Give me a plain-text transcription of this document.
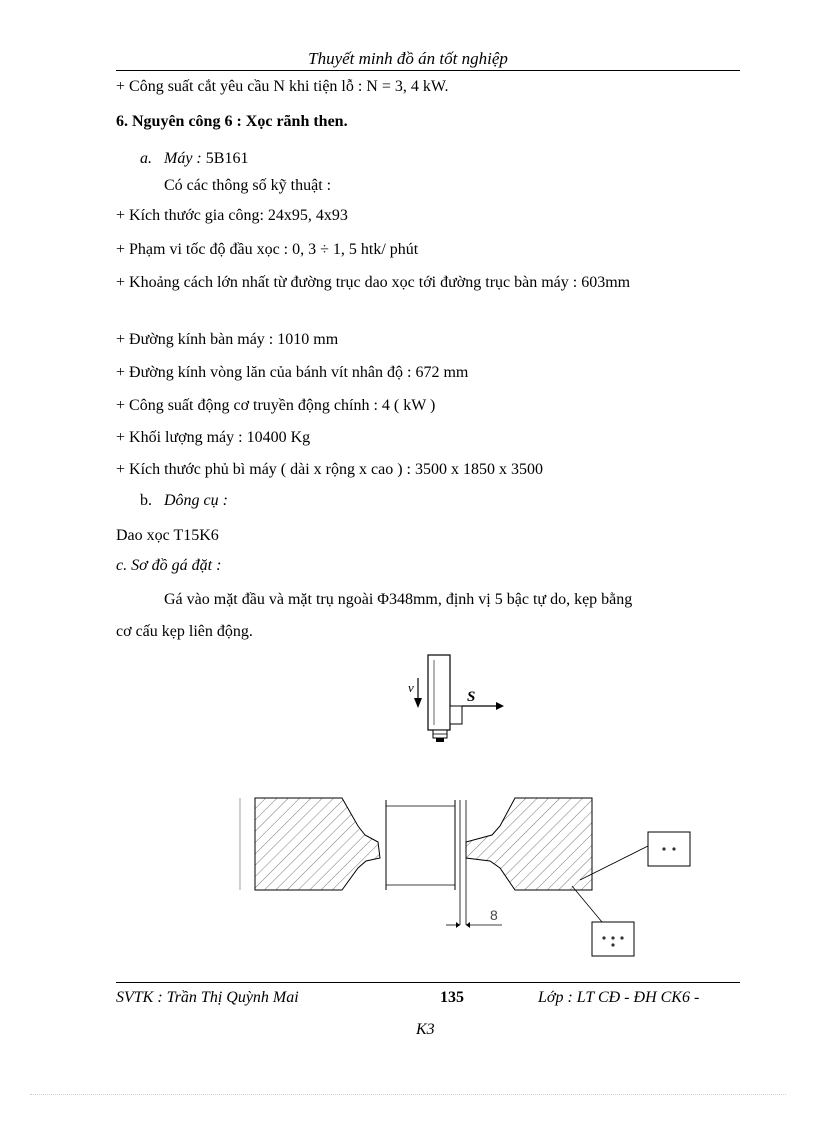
Thuyết minh đồ án tốt nghiệp
+ Công suất cắt yêu cầu N khi tiện lỗ : N = 3, 4 kW.
6. Nguyên công 6 : Xọc rãnh then.
a. Máy : 5B161
Có các thông số kỹ thuật :
+ Kích thước gia công: 24x95, 4x93
+ Phạm vi tốc độ đầu xọc : 0, 3 ÷ 1, 5 htk/ phút
+ Khoảng cách lớn nhất từ đường trục dao xọc tới đường trục bàn máy : 603mm
+ Đường kính bàn máy : 1010 mm
+ Đường kính vòng lăn của bánh vít nhân độ : 672 mm
+ Công suất động cơ truyền động chính : 4 ( kW )
+ Khối lượng máy : 10400 Kg
+ Kích thước phủ bì máy ( dài x rộng x cao ) : 3500 x 1850 x 3500
b. Dông cụ :
Dao xọc T15K6
c. Sơ đồ gá đặt :
Gá vào mặt đầu và mặt trụ ngoài Φ348mm, định vị 5 bậc tự do, kẹp bằng
cơ cấu kẹp liên động.
v
S
8
SVTK : Trần Thị Quỳnh Mai	135	Lớp : LT CĐ - ĐH CK6 -
K3
